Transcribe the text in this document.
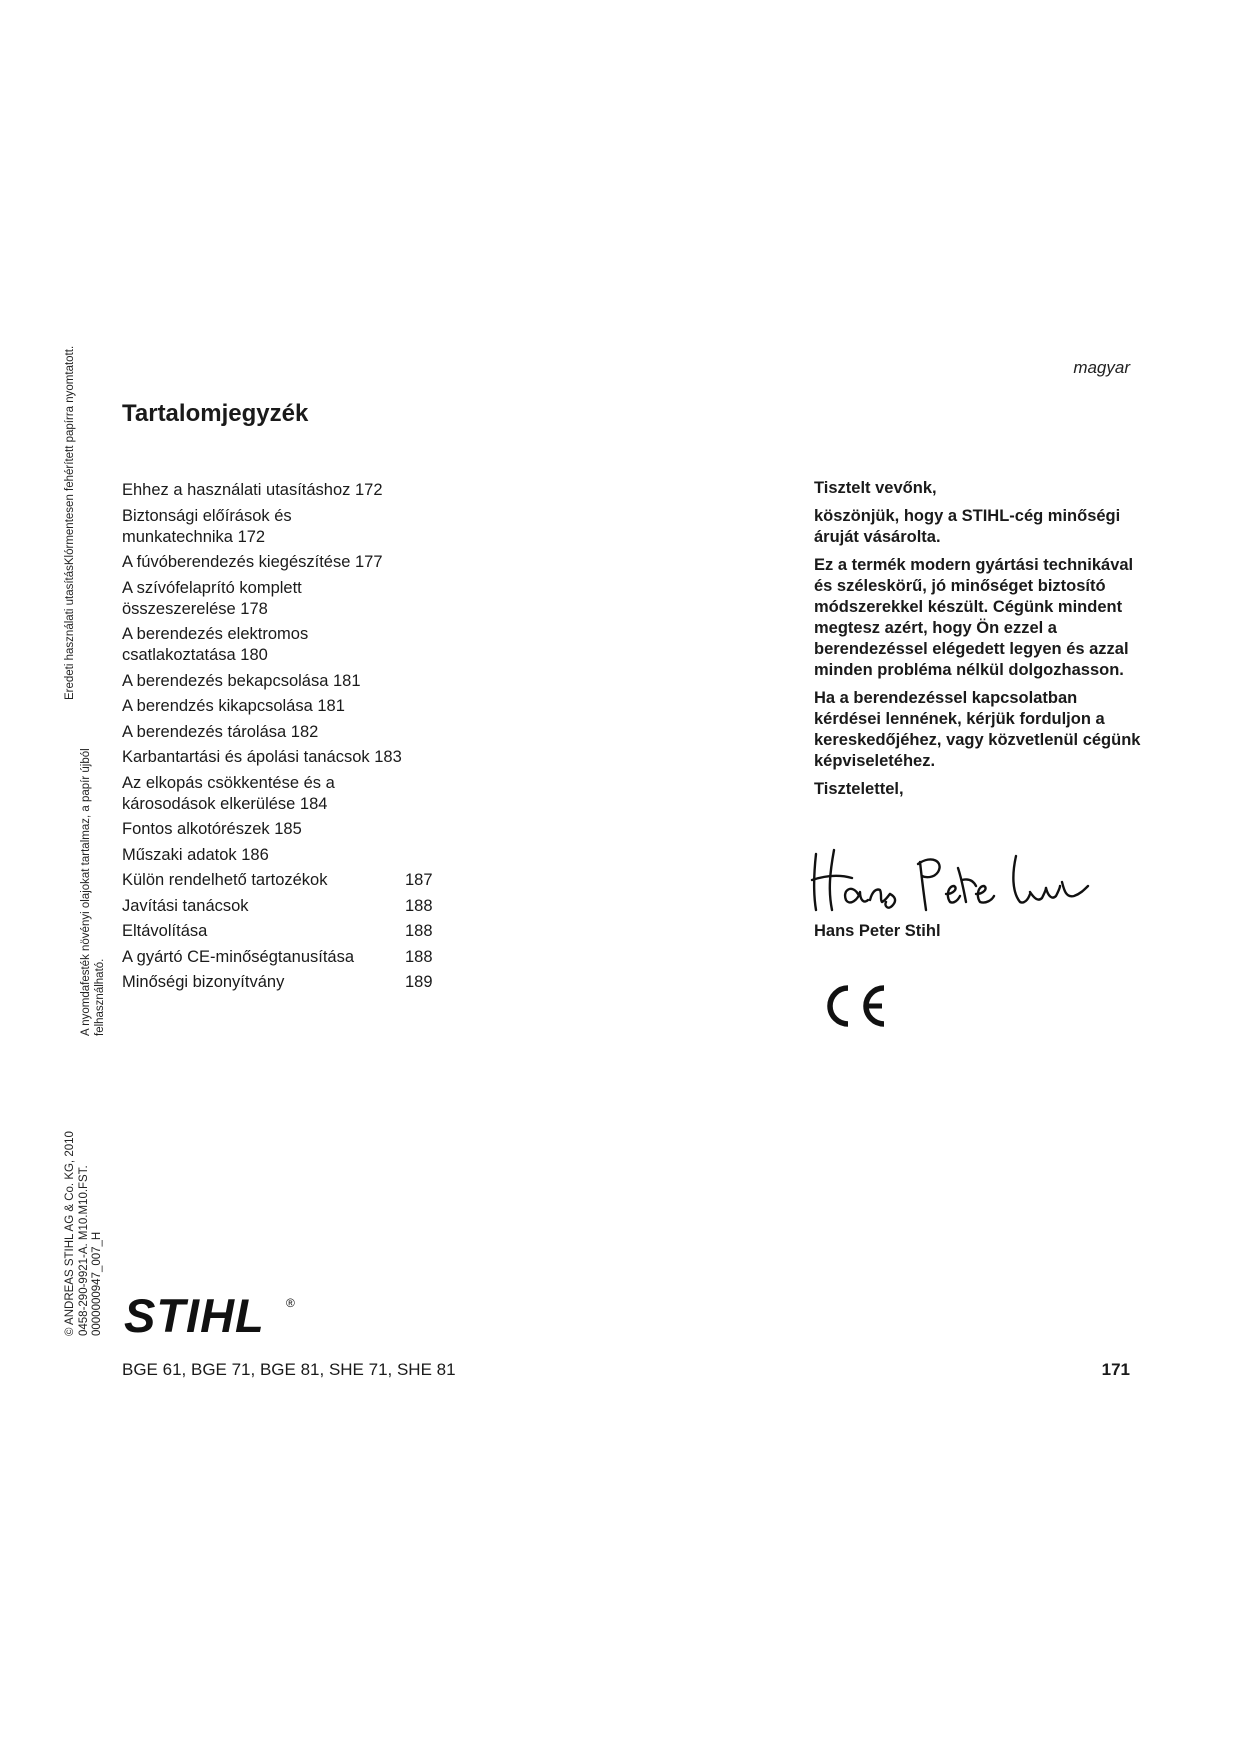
magyar
Tartalomjegyzék
Ehhez a használati utasításhoz 172
Biztonsági előírások és
munkatechnika 172
A fúvóberendezés kiegészítése 177
A szívófelaprító komplett
összeszerelése 178
A berendezés elektromos
csatlakoztatása 180
A berendezés bekapcsolása 181
A berendzés kikapcsolása 181
A berendezés tárolása 182
Karbantartási és ápolási tanácsok 183
Az elkopás csökkentése és a
károsodások elkerülése 184
Fontos alkotórészek 185
Műszaki adatok 186
Külön rendelhető tartozékok	187
Javítási tanácsok	188
Eltávolítása	188
A gyártó CE-minőségtanusítása	188
Minőségi bizonyítvány	189

Tisztelt vevőnk,

köszönjük, hogy a STIHL-cég minőségi áruját vásárolta.

Ez a termék modern gyártási technikával és széleskörű, jó minőséget biztosító módszerekkel készült. Cégünk mindent megtesz azért, hogy Ön ezzel a berendezéssel elégedett legyen és azzal minden probléma nélkül dolgozhasson.

Ha a berendezéssel kapcsolatban kérdései lennének, kérjük forduljon a kereskedőjéhez, vagy közvetlenül cégünk képviseletéhez.

Tisztelettel,

Hans Peter Stihl
Eredeti használati utasításKlórmentesen fehérített papírra nyomtatott.
A nyomdafesték növényi olajokat tartalmaz, a papír újból felhasználható.
© ANDREAS STIHL AG & Co. KG, 2010 0458-290-9921-A. M10.M10.FST. 0000000947_007_H STIHL ®
BGE 61, BGE 71, BGE 81, SHE 71, SHE 81	171
